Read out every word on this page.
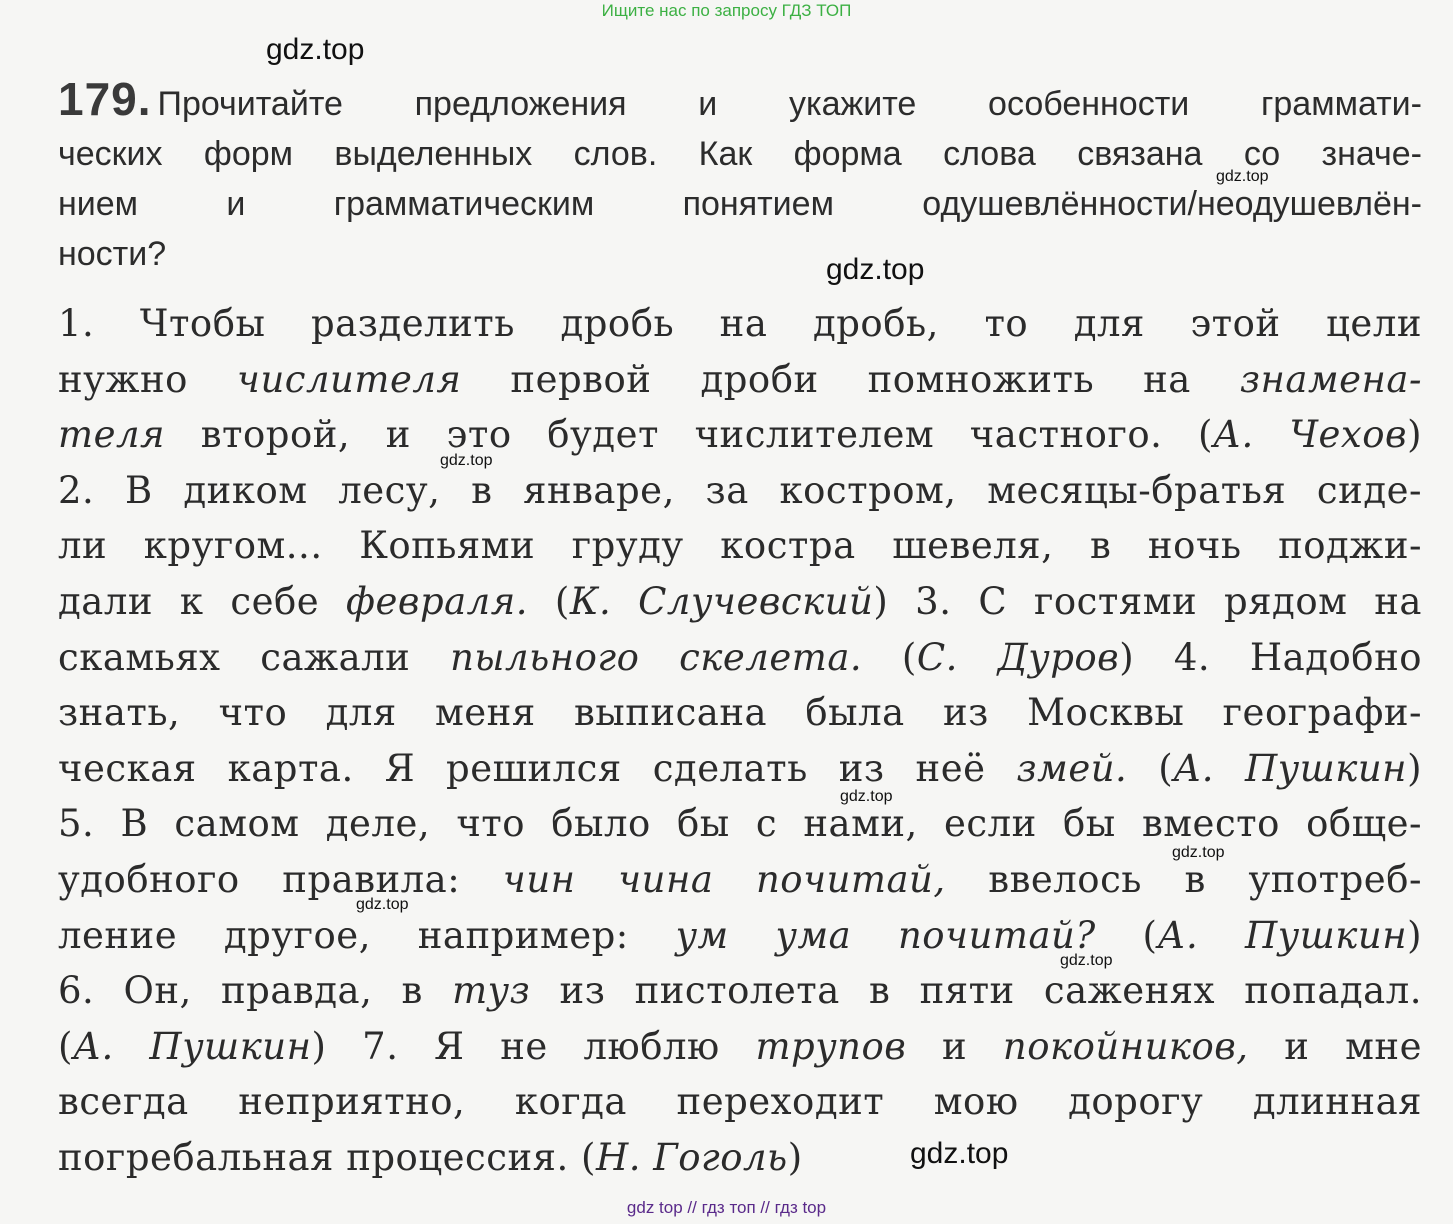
Ищите нас по запросу ГДЗ ТОП
179. Прочитайте предложения и укажите особенности граммати-
ческих форм выделенных слов. Как форма слова связана со значе-
нием и грамматическим понятием одушевлённости/неодушевлён-
ности?
1. Чтобы разделить дробь на дробь, то для этой цели
нужно числителя первой дроби помножить на знамена-
теля второй, и это будет числителем частного. (А. Чехов)
2. В диком лесу, в январе, за костром, месяцы-братья сиде-
ли кругом... Копьями груду костра шевеля, в ночь поджи-
дали к себе февраля. (К. Случевский) 3. С гостями рядом на
скамьях сажали пыльного скелета. (С. Дуров) 4. Надобно
знать, что для меня выписана была из Москвы географи-
ческая карта. Я решился сделать из неё змей. (А. Пушкин)
5. В самом деле, что было бы с нами, если бы вместо обще-
удобного правила: чин чина почитай, ввелось в употреб-
ление другое, например: ум ума почитай? (А. Пушкин)
6. Он, правда, в туз из пистолета в пяти саженях попадал.
(А. Пушкин) 7. Я не люблю трупов и покойников, и мне
всегда неприятно, когда переходит мою дорогу длинная
погребальная процессия. (Н. Гоголь)
gdz.top
gdz.top
gdz.top
gdz.top
gdz.top
gdz.top
gdz.top
gdz.top
gdz.top
gdz top // гдз топ // гдз top
